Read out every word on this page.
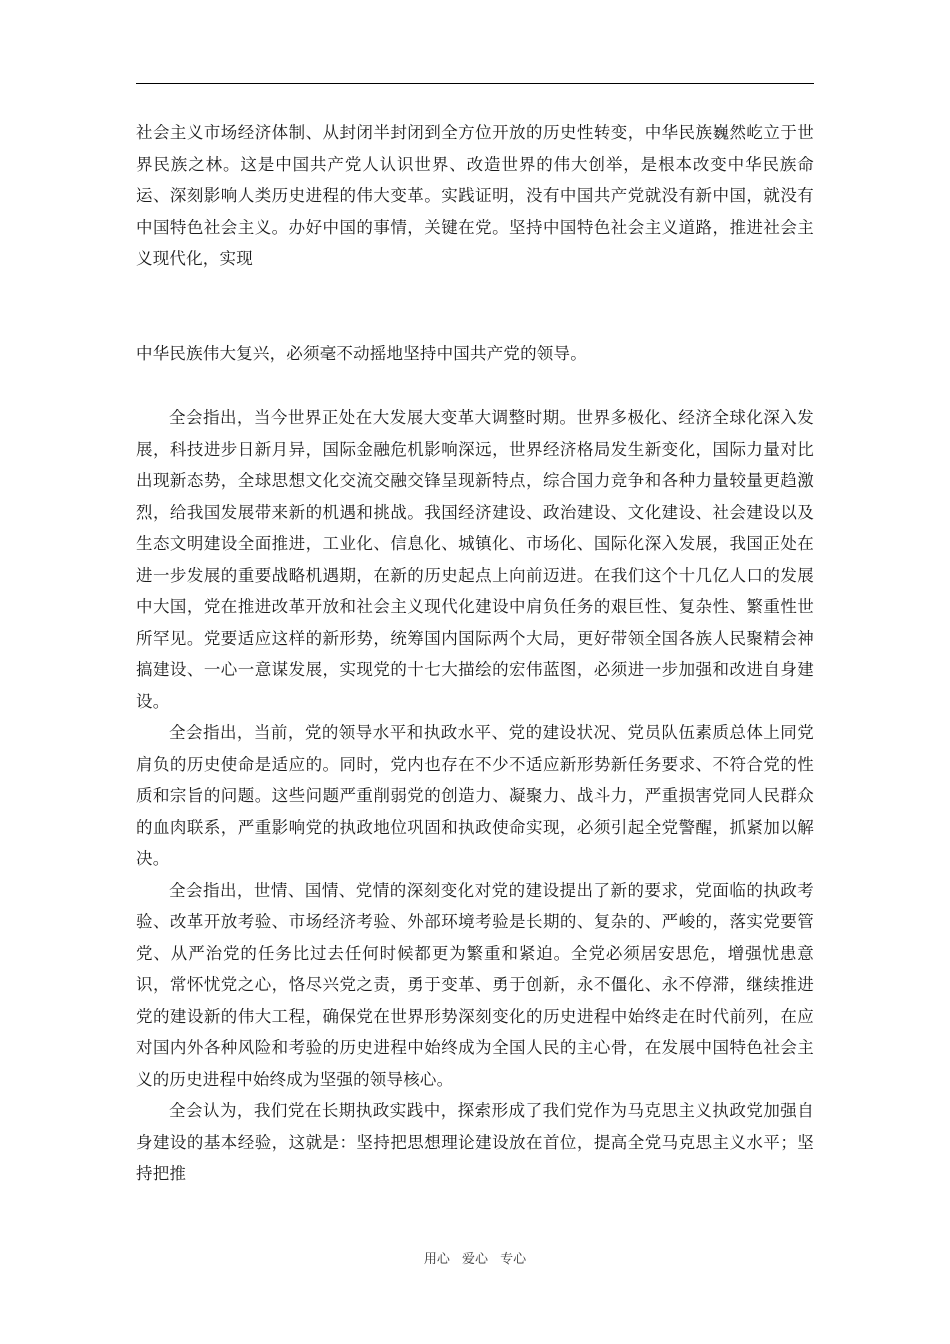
社会主义市场经济体制、从封闭半封闭到全方位开放的历史性转变，中华民族巍然屹立于世界民族之林。这是中国共产党人认识世界、改造世界的伟大创举，是根本改变中华民族命运、深刻影响人类历史进程的伟大变革。实践证明，没有中国共产党就没有新中国，就没有中国特色社会主义。办好中国的事情，关键在党。坚持中国特色社会主义道路，推进社会主义现代化，实现

中华民族伟大复兴，必须毫不动摇地坚持中国共产党的领导。

全会指出，当今世界正处在大发展大变革大调整时期。世界多极化、经济全球化深入发展，科技进步日新月异，国际金融危机影响深远，世界经济格局发生新变化，国际力量对比出现新态势，全球思想文化交流交融交锋呈现新特点，综合国力竞争和各种力量较量更趋激烈，给我国发展带来新的机遇和挑战。我国经济建设、政治建设、文化建设、社会建设以及生态文明建设全面推进，工业化、信息化、城镇化、市场化、国际化深入发展，我国正处在进一步发展的重要战略机遇期，在新的历史起点上向前迈进。在我们这个十几亿人口的发展中大国，党在推进改革开放和社会主义现代化建设中肩负任务的艰巨性、复杂性、繁重性世所罕见。党要适应这样的新形势，统筹国内国际两个大局，更好带领全国各族人民聚精会神搞建设、一心一意谋发展，实现党的十七大描绘的宏伟蓝图，必须进一步加强和改进自身建设。

全会指出，当前，党的领导水平和执政水平、党的建设状况、党员队伍素质总体上同党肩负的历史使命是适应的。同时，党内也存在不少不适应新形势新任务要求、不符合党的性质和宗旨的问题。这些问题严重削弱党的创造力、凝聚力、战斗力，严重损害党同人民群众的血肉联系，严重影响党的执政地位巩固和执政使命实现，必须引起全党警醒，抓紧加以解决。

全会指出，世情、国情、党情的深刻变化对党的建设提出了新的要求，党面临的执政考验、改革开放考验、市场经济考验、外部环境考验是长期的、复杂的、严峻的，落实党要管党、从严治党的任务比过去任何时候都更为繁重和紧迫。全党必须居安思危，增强忧患意识，常怀忧党之心，恪尽兴党之责，勇于变革、勇于创新，永不僵化、永不停滞，继续推进党的建设新的伟大工程，确保党在世界形势深刻变化的历史进程中始终走在时代前列，在应对国内外各种风险和考验的历史进程中始终成为全国人民的主心骨，在发展中国特色社会主义的历史进程中始终成为坚强的领导核心。

全会认为，我们党在长期执政实践中，探索形成了我们党作为马克思主义执政党加强自身建设的基本经验，这就是：坚持把思想理论建设放在首位，提高全党马克思主义水平；坚持把推

用心 爱心 专心
